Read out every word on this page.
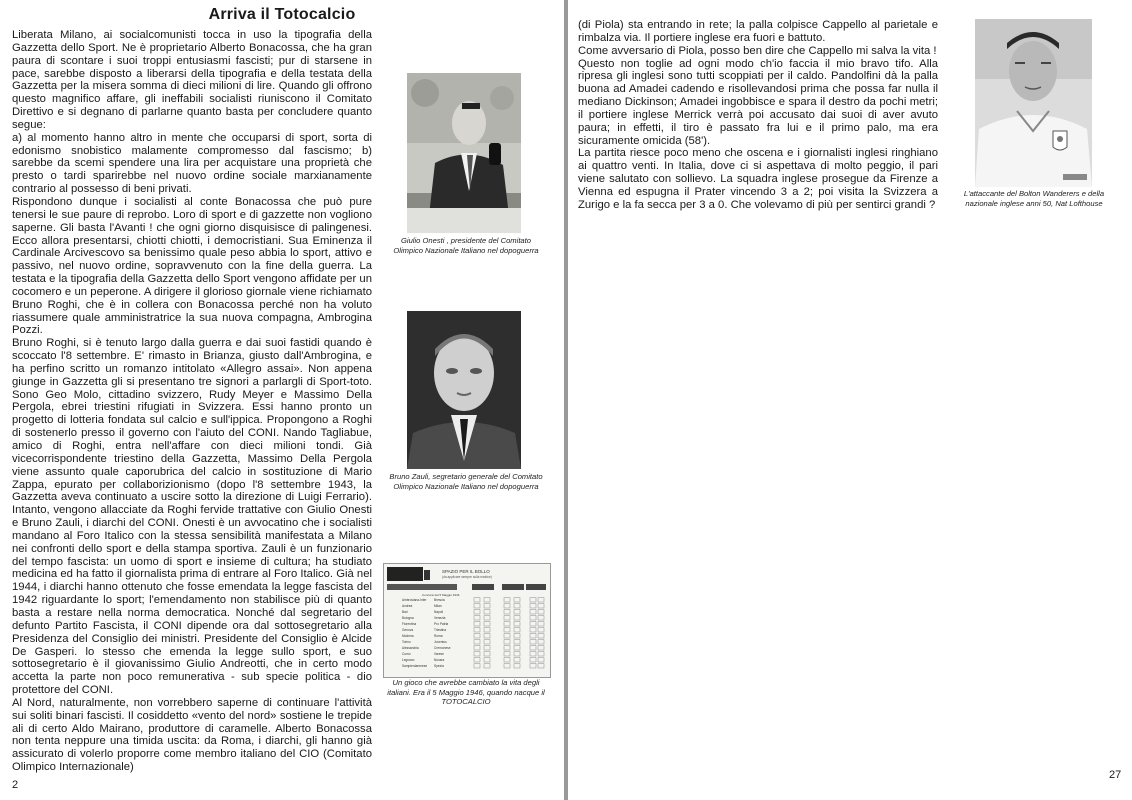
Arriva il Totocalcio

Liberata Milano, ai socialcomunisti tocca in uso la tipografia della Gazzetta dello Sport. Ne è proprietario Alberto Bonacossa, che ha gran paura di scontare i suoi troppi entusiasmi fascisti; pur di starsene in pace, sarebbe disposto a liberarsi della tipografia e della testata della Gazzetta per la misera somma di dieci milioni di lire. Quando gli offrono questo magnifico affare, gli ineffabili socialisti riuniscono il Comitato Direttivo e si degnano di parlarne quanto basta per concludere quanto segue:
a) al momento hanno altro in mente che occuparsi di sport, sorta di edonismo snobistico malamente compromesso dal fascismo; b) sarebbe da scemi spendere una lira per acquistare una proprietà che presto o tardi sparirebbe nel nuovo ordine sociale marxianamente contrario al possesso di beni privati.
Rispondono dunque i socialisti al conte Bonacossa che può pure tenersi le sue paure di reprobo. Loro di sport e di gazzette non vogliono saperne. Gli basta l'Avanti ! che ogni giorno disquisisce di palingenesi. Ecco allora presentarsi, chiotti chiotti, i democristiani. Sua Eminenza il Cardinale Arcivescovo sa benissimo quale peso abbia lo sport, attivo e passivo, nel nuovo ordine, sopravvenuto con la fine della guerra. La testata e la tipografia della Gazzetta dello Sport vengono affidate per un cocomero e un peperone. A dirigere il glorioso giornale viene richiamato Bruno Roghi, che è in collera con Bonacossa perché non ha voluto riassumere quale amministratrice la sua nuova compagna, Ambrogina Pozzi.
Bruno Roghi, si è tenuto largo dalla guerra e dai suoi fastidi quando è scoccato l'8 settembre. E' rimasto in Brianza, giusto dall'Ambrogina, e ha perfino scritto un romanzo intitolato «Allegro assai». Non appena giunge in Gazzetta gli si presentano tre signori a parlargli di Sport-toto. Sono Geo Molo, cittadino svizzero, Rudy Meyer e Massimo Della Pergola, ebrei triestini rifugiati in Svizzera. Essi hanno pronto un progetto di lotteria fondata sul calcio e sull'ippica. Propongono a Roghi di sostenerlo presso il governo con l'aiuto del CONI. Nando Tagliabue, amico di Roghi, entra nell'affare con dieci milioni tondi. Già vicecorrispondente triestino della Gazzetta, Massimo Della Pergola viene assunto quale caporubrica del calcio in sostituzione di Mario Zappa, epurato per collaborizionismo (dopo l'8 settembre 1943, la Gazzetta aveva continuato a uscire sotto la direzione di Luigi Ferrario). Intanto, vengono allacciate da Roghi fervide trattative con Giulio Onesti e Bruno Zauli, i diarchi del CONI. Onesti è un avvocatino che i socialisti mandano al Foro Italico con la stessa sensibilità manifestata a Milano nei confronti dello sport e della stampa sportiva. Zauli è un funzionario del tempo fascista: un uomo di sport e insieme di cultura; ha studiato medicina ed ha fatto il giornalista prima di entrare al Foro Italico. Già nel 1944, i diarchi hanno ottenuto che fosse emendata la legge fascista del 1942 riguardante lo sport; l'emendamento non stabilisce più di quanto basta a restare nella norma democratica. Nonché dal segretario del defunto Partito Fascista, il CONI dipende ora dal sottosegretario alla Presidenza del Consiglio dei ministri. Presidente del Consiglio è Alcide De Gasperi. lo stesso che emenda la legge sullo sport, e suo sottosegretario è il giovanissimo Giulio Andreotti, che in certo modo accetta la parte non poco remunerativa - sub specie politica - dio protettore del CONI.
Al Nord, naturalmente, non vorrebbero saperne di continuare l'attività sui soliti binari fascisti. Il cosiddetto «vento del nord» sostiene le trepide ali di certo Aldo Mairano, produttore di caramelle. Alberto Bonacossa non tenta neppure una timida uscita: da Roma, i diarchi, gli hanno già assicurato di volerlo proporre come membro italiano del CIO (Comitato Olimpico Internazionale)

Giulio Onesti , presidente del Comitato Olimpico Nazionale Italiano nel dopoguerra
Bruno Zauli, segretario generale del Comitato Olimpico Nazionale Italiano nel dopoguerra
SPAZIO PER IL BOLLO
(da applicare sempre sulla matrice)
Concorsi del 5 Maggio 1946
Ambrosiana-Inter Brescia
Andrea	Milan
Bari	Napoli
Bologna	Venezia
Fiorentina	Pro Patria
Genova	Triestina
Modena	Roma
Torino	Juventus
Alessandria	Cremonese
Como	Varese
Legnano	Novara
Sampierdarenese Spezia
Un gioco che avrebbe cambiato la vita degli italiani. Era il 5 Maggio 1946, quando nacque il TOTOCALCIO
2

(di Piola) sta entrando in rete; la palla colpisce Cappello al parietale e rimbalza via. Il portiere inglese era fuori e battuto.
Come avversario di Piola, posso ben dire che Cappello mi salva la vita !
Questo non toglie ad ogni modo ch'io faccia il mio bravo tifo. Alla ripresa gli inglesi sono tutti scoppiati per il caldo. Pandolfini dà la palla buona ad Amadei cadendo e risollevandosi prima che possa far nulla il mediano Dickinson; Amadei ingobbisce e spara il destro da pochi metri; il portiere inglese Merrick verrà poi accusato dai suoi di aver avuto paura; in effetti, il tiro è passato fra lui e il primo palo, ma era sicuramente omicida (58').
La partita riesce poco meno che oscena e i giornalisti inglesi ringhiano ai quattro venti. In Italia, dove ci si aspettava di molto peggio, il pari viene salutato con sollievo. La squadra inglese prosegue da Firenze a Vienna ed espugna il Prater vincendo 3 a 2; poi visita la Svizzera a Zurigo e la fa secca per 3 a 0. Che volevamo di più per sentirci grandi ?

L'attaccante del Bolton Wanderers e della nazionale inglese anni 50, Nat Lofthouse
27
